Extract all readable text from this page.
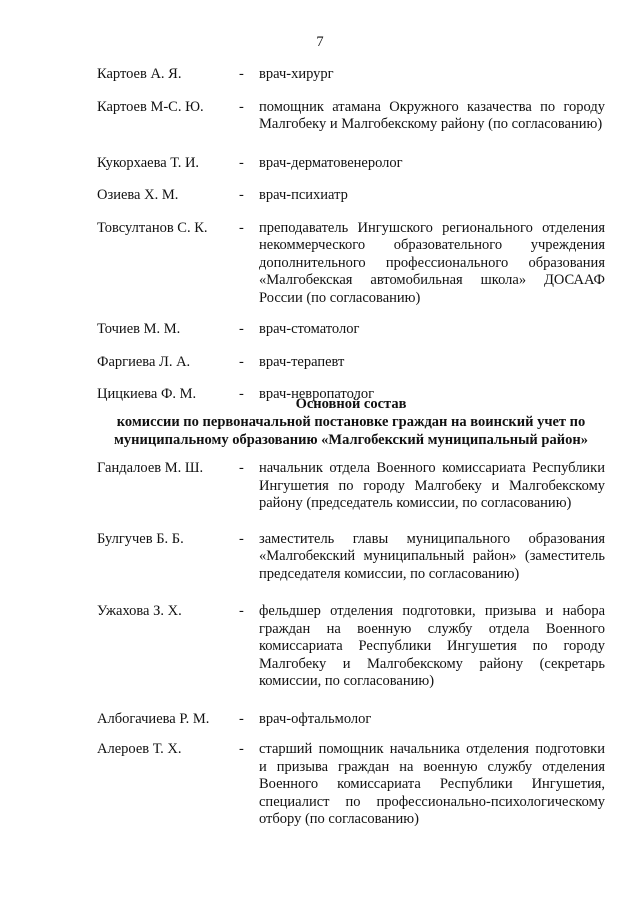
7
Картоев А. Я.	-	врач-хирург
Картоев М-С. Ю.	-	помощник атамана Окружного казачества по городу Малгобеку и Малгобекскому району (по согласованию)
Кукорхаева Т. И.	-	врач-дерматовенеролог
Озиева Х. М.	-	врач-психиатр
Товсултанов С. К.	-	преподаватель Ингушского регионального отделения некоммерческого образовательного учреждения дополнительного профессионального образования «Малгобекская автомобильная школа» ДОСААФ России (по согласованию)
Точиев М. М.	-	врач-стоматолог
Фаргиева Л. А.	-	врач-терапевт
Цицкиева Ф. М.	-	врач-невропатолог
Основной состав
комиссии по первоначальной постановке граждан на воинский учет по
муниципальному образованию «Малгобекский муниципальный район»
Гандалоев М. Ш.	-	начальник отдела Военного комиссариата Республики Ингушетия по городу Малгобеку и Малгобекскому району (председатель комиссии, по согласованию)
Булгучев Б. Б.	-	заместитель главы муниципального образования «Малгобекский муниципальный район» (заместитель председателя комиссии, по согласованию)
Ужахова З. Х.	-	фельдшер отделения подготовки, призыва и набора граждан на военную службу отдела Военного комиссариата Республики Ингушетия по городу Малгобеку и Малгобекскому району (секретарь комиссии, по согласованию)
Албогачиева Р. М.	-	врач-офтальмолог
Алероев Т. Х.	-	старший помощник начальника отделения подготовки и призыва граждан на военную службу отделения Военного комиссариата Республики Ингушетия, специалист по профессионально-психологическому отбору (по согласованию)
